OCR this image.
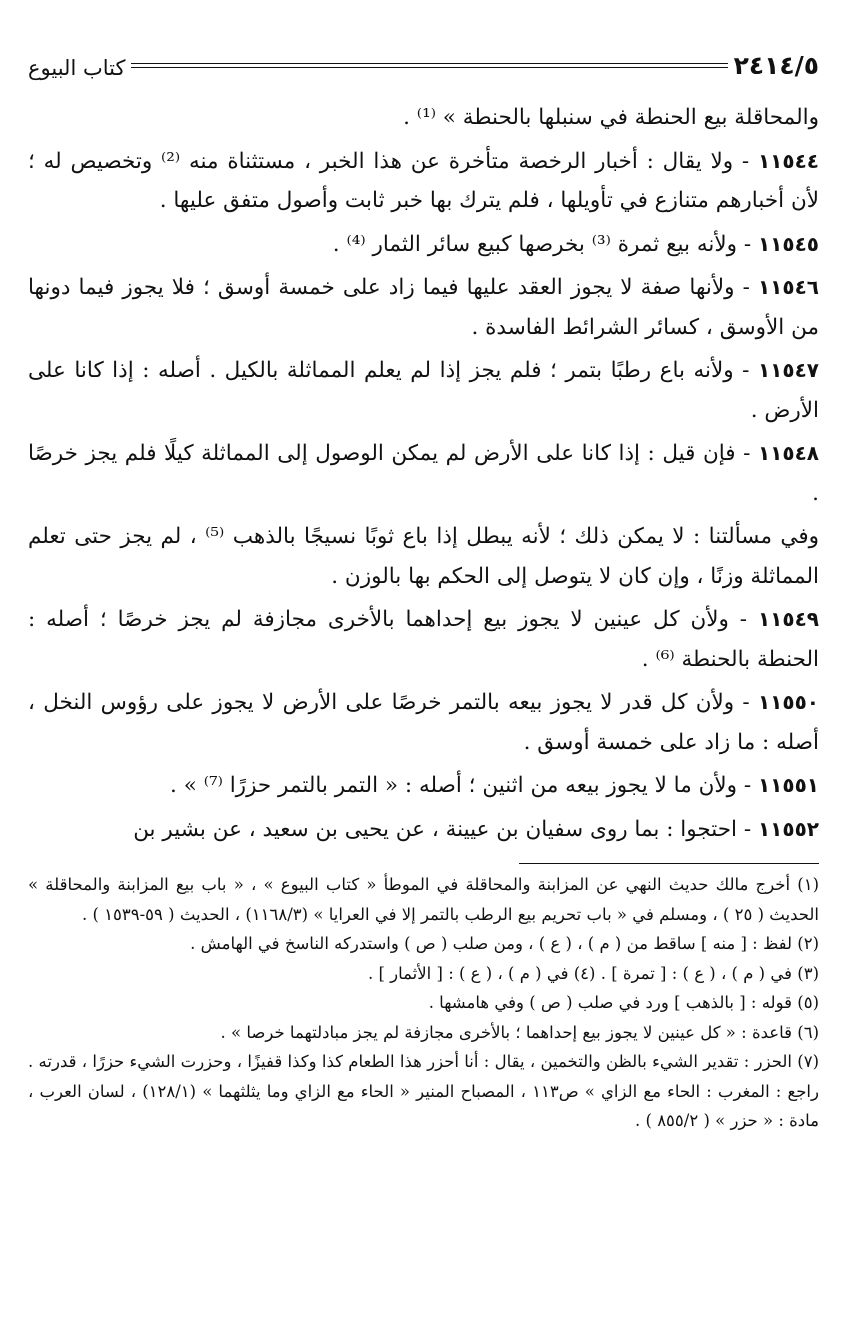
٢٤١٤/٥
كتاب البيوع

والمحاقلة بيع الحنطة في سنبلها بالحنطة » ⁽¹⁾ .

١١٥٤٤ - ولا يقال : أخبار الرخصة متأخرة عن هذا الخبر ، مستثناة منه ⁽²⁾ وتخصيص له ؛ لأن أخبارهم متنازع في تأويلها ، فلم يترك بها خبر ثابت وأصول متفق عليها .

١١٥٤٥ - ولأنه بيع ثمرة ⁽³⁾ بخرصها كبيع سائر الثمار ⁽⁴⁾ .

١١٥٤٦ - ولأنها صفة لا يجوز العقد عليها فيما زاد على خمسة أوسق ؛ فلا يجوز فيما دونها من الأوسق ، كسائر الشرائط الفاسدة .

١١٥٤٧ - ولأنه باع رطبًا بتمر ؛ فلم يجز إذا لم يعلم المماثلة بالكيل . أصله : إذا كانا على الأرض .

١١٥٤٨ - فإن قيل : إذا كانا على الأرض لم يمكن الوصول إلى المماثلة كيلًا فلم يجز خرصًا .

وفي مسألتنا : لا يمكن ذلك ؛ لأنه يبطل إذا باع ثوبًا نسيجًا بالذهب ⁽⁵⁾ ، لم يجز حتى تعلم المماثلة وزنًا ، وإن كان لا يتوصل إلى الحكم بها بالوزن .

١١٥٤٩ - ولأن كل عينين لا يجوز بيع إحداهما بالأخرى مجازفة لم يجز خرصًا ؛ أصله : الحنطة بالحنطة ⁽⁶⁾ .

١١٥٥٠ - ولأن كل قدر لا يجوز بيعه بالتمر خرصًا على الأرض لا يجوز على رؤوس النخل ، أصله : ما زاد على خمسة أوسق .

١١٥٥١ - ولأن ما لا يجوز بيعه من اثنين ؛ أصله : « التمر بالتمر حزرًا ⁽⁷⁾ » .

١١٥٥٢ - احتجوا : بما روى سفيان بن عيينة ، عن يحيى بن سعيد ، عن بشير بن

(١) أخرج مالك حديث النهي عن المزابنة والمحاقلة في الموطأ « كتاب البيوع » ، « باب بيع المزابنة والمحاقلة » الحديث ( ٢٥ ) ، ومسلم في « باب تحريم بيع الرطب بالتمر إلا في العرايا » (١١٦٨/٣) ، الحديث ( ٥٩-١٥٣٩ ) .

(٢) لفظ : [ منه ] ساقط من ( م ) ، ( ع ) ، ومن صلب ( ص ) واستدركه الناسخ في الهامش .

(٣) في ( م ) ، ( ع ) : [ تمرة ] . (٤) في ( م ) ، ( ع ) : [ الأثمار ] .

(٥) قوله : [ بالذهب ] ورد في صلب ( ص ) وفي هامشها .

(٦) قاعدة : « كل عينين لا يجوز بيع إحداهما ؛ بالأخرى مجازفة لم يجز مبادلتهما خرصا » .

(٧) الحزر : تقدير الشيء بالظن والتخمين ، يقال : أنا أحزر هذا الطعام كذا وكذا قفيزًا ، وحزرت الشيء حزرًا ، قدرته . راجع : المغرب : الحاء مع الزاي » ص١١٣ ، المصباح المنير « الحاء مع الزاي وما يثلثهما » (١٢٨/١) ، لسان العرب ، مادة : « حزر » ( ٨٥٥/٢ ) .
